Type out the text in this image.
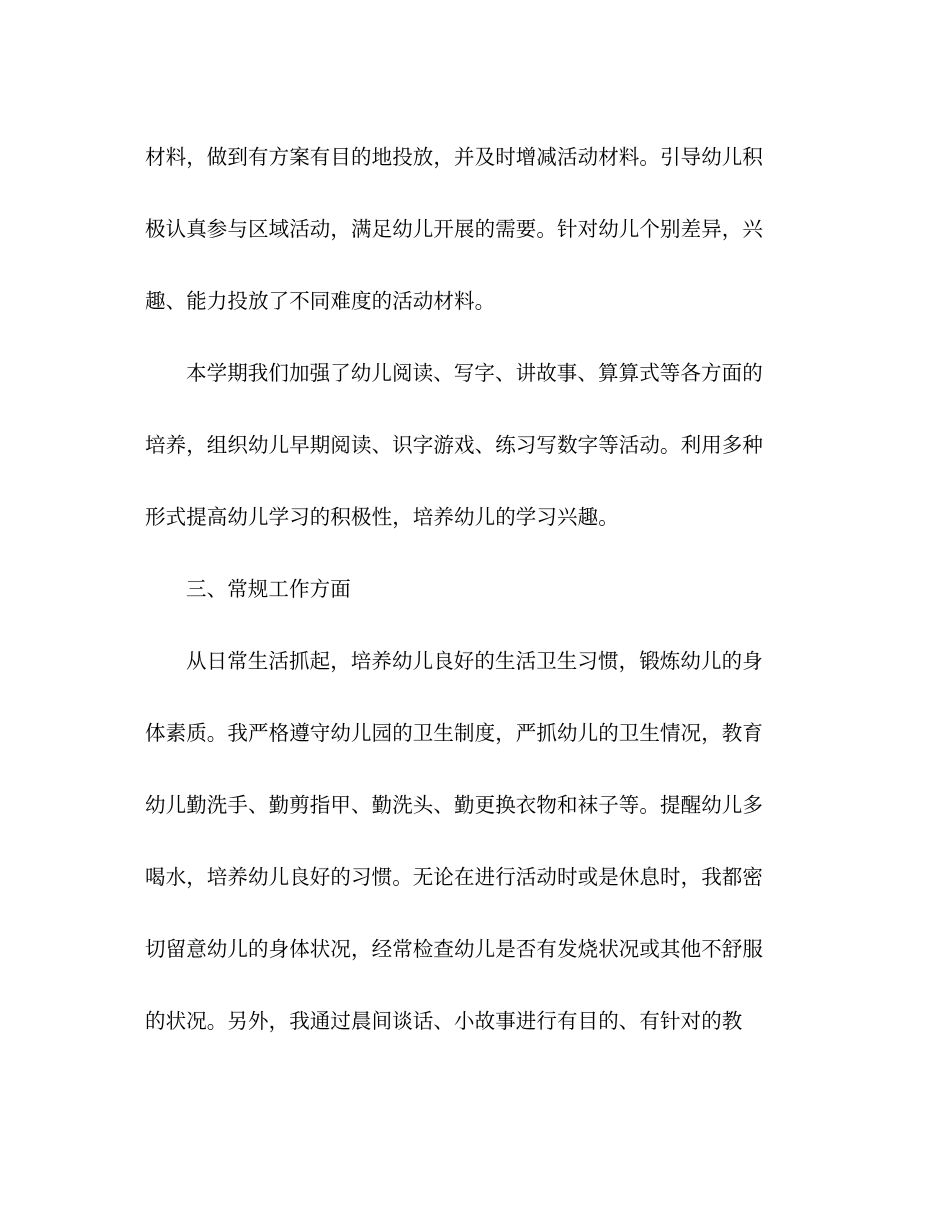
材料，做到有方案有目的地投放，并及时增减活动材料。引导幼儿积
极认真参与区域活动，满足幼儿开展的需要。针对幼儿个别差异，兴
趣、能力投放了不同难度的活动材料。
本学期我们加强了幼儿阅读、写字、讲故事、算算式等各方面的
培养，组织幼儿早期阅读、识字游戏、练习写数字等活动。利用多种
形式提高幼儿学习的积极性，培养幼儿的学习兴趣。
三、常规工作方面
从日常生活抓起，培养幼儿良好的生活卫生习惯，锻炼幼儿的身
体素质。我严格遵守幼儿园的卫生制度，严抓幼儿的卫生情况，教育
幼儿勤洗手、勤剪指甲、勤洗头、勤更换衣物和袜子等。提醒幼儿多
喝水，培养幼儿良好的习惯。无论在进行活动时或是休息时，我都密
切留意幼儿的身体状况，经常检查幼儿是否有发烧状况或其他不舒服
的状况。另外，我通过晨间谈话、小故事进行有目的、有针对的教
